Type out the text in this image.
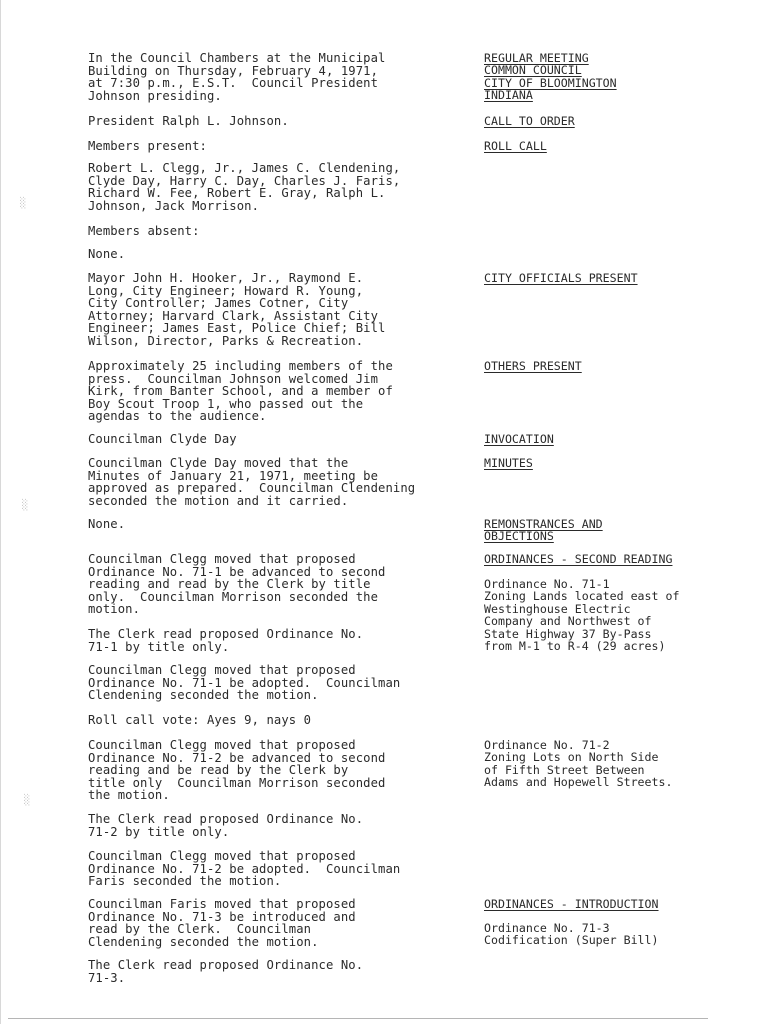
░
░
░
In the Council Chambers at the Municipal
Building on Thursday, February 4, 1971,
at 7:30 p.m., E.S.T.  Council President
Johnson presiding.
President Ralph L. Johnson.
Members present:
Robert L. Clegg, Jr., James C. Clendening,
Clyde Day, Harry C. Day, Charles J. Faris,
Richard W. Fee, Robert E. Gray, Ralph L.
Johnson, Jack Morrison.
Members absent:
None.
Mayor John H. Hooker, Jr., Raymond E.
Long, City Engineer; Howard R. Young,
City Controller; James Cotner, City
Attorney; Harvard Clark, Assistant City
Engineer; James East, Police Chief; Bill
Wilson, Director, Parks & Recreation.
Approximately 25 including members of the
press.  Councilman Johnson welcomed Jim
Kirk, from Banter School, and a member of
Boy Scout Troop 1, who passed out the
agendas to the audience.
Councilman Clyde Day
Councilman Clyde Day moved that the
Minutes of January 21, 1971, meeting be
approved as prepared.  Councilman Clendening
seconded the motion and it carried.
None.
Councilman Clegg moved that proposed
Ordinance No. 71-1 be advanced to second
reading and read by the Clerk by title
only.  Councilman Morrison seconded the
motion.
The Clerk read proposed Ordinance No.
71-1 by title only.
Councilman Clegg moved that proposed
Ordinance No. 71-1 be adopted.  Councilman
Clendening seconded the motion.
Roll call vote: Ayes 9, nays 0
Councilman Clegg moved that proposed
Ordinance No. 71-2 be advanced to second
reading and be read by the Clerk by
title only  Councilman Morrison seconded
the motion.
The Clerk read proposed Ordinance No.
71-2 by title only.
Councilman Clegg moved that proposed
Ordinance No. 71-2 be adopted.  Councilman
Faris seconded the motion.
Councilman Faris moved that proposed
Ordinance No. 71-3 be introduced and
read by the Clerk.  Councilman
Clendening seconded the motion.
The Clerk read proposed Ordinance No.
71-3.
REGULAR MEETING
COMMON COUNCIL
CITY OF BLOOMINGTON
INDIANA
CALL TO ORDER
ROLL CALL
CITY OFFICIALS PRESENT
OTHERS PRESENT
INVOCATION
MINUTES
REMONSTRANCES AND
OBJECTIONS
ORDINANCES - SECOND READING
Ordinance No. 71-1
Zoning Lands located east of
Westinghouse Electric
Company and Northwest of
State Highway 37 By-Pass
from M-1 to R-4 (29 acres)
Ordinance No. 71-2
Zoning Lots on North Side
of Fifth Street Between
Adams and Hopewell Streets.
ORDINANCES - INTRODUCTION
Ordinance No. 71-3
Codification (Super Bill)
